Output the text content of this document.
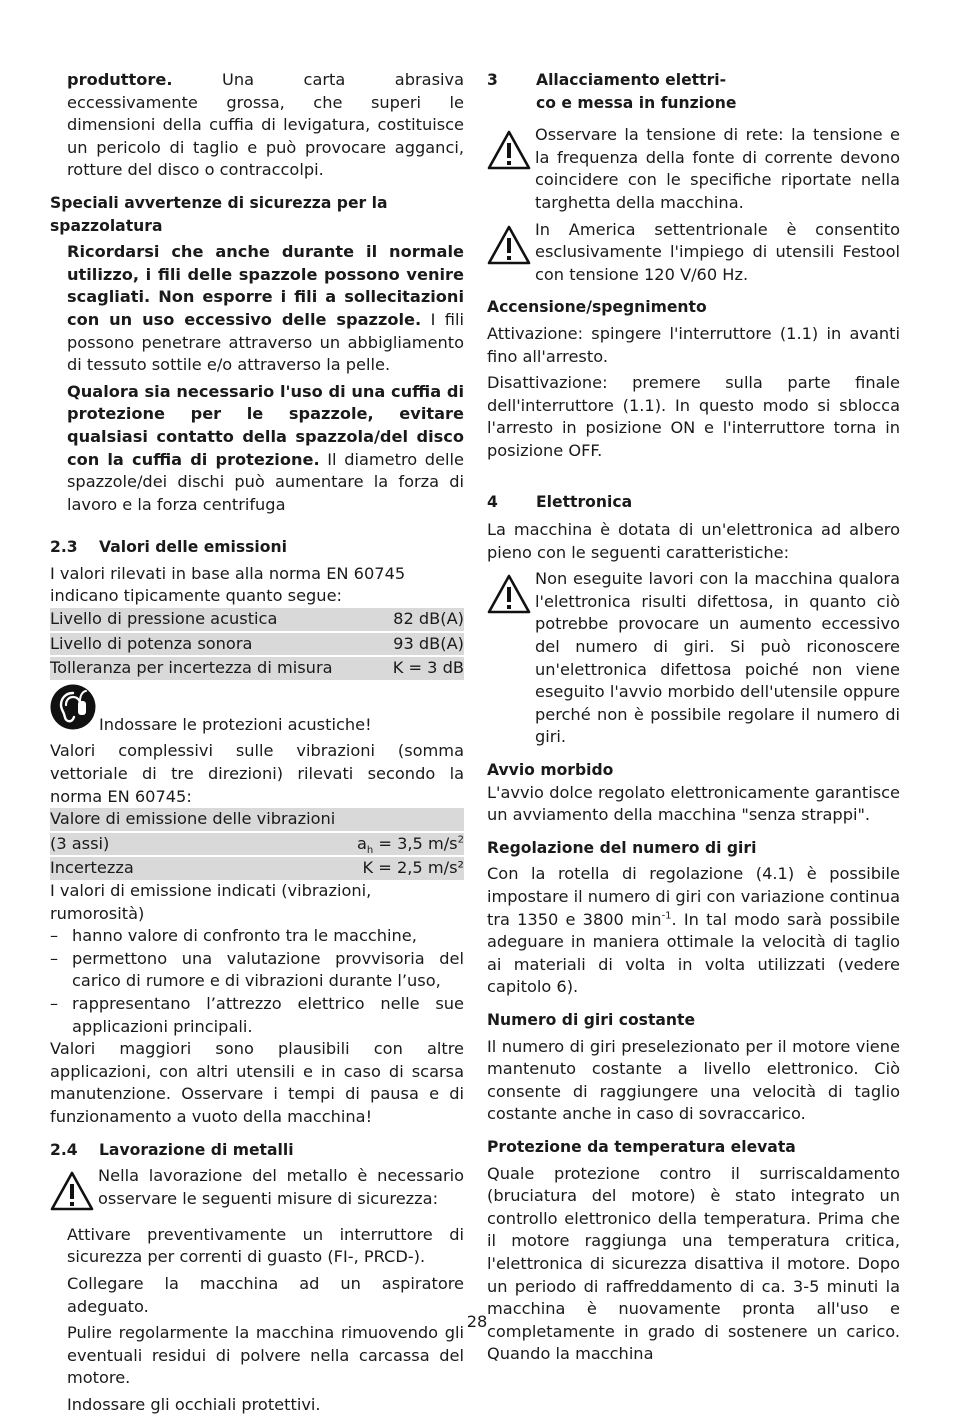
produttore. Una carta abrasiva eccessivamente grossa, che superi le dimensioni della cuffia di levigatura, costituisce un pericolo di taglio e può provocare agganci, rotture del disco o contraccolpi.

Speciali avvertenze di sicurezza per la spazzolatura

Ricordarsi che anche durante il normale utilizzo, i fili delle spazzole possono venire scagliati. Non esporre i fili a sollecitazioni con un uso eccessivo delle spazzole. I fili possono penetrare attraverso un abbigliamento di tessuto sottile e/o attraverso la pelle.

Qualora sia necessario l'uso di una cuffia di protezione per le spazzole, evitare qualsiasi contatto della spazzola/del disco con la cuffia di protezione. Il diametro delle spazzole/dei dischi può aumentare la forza di lavoro e la forza centrifuga

2.3 Valori delle emissioni

I valori rilevati in base alla norma EN 60745 indicano tipicamente quanto segue:

Livello di pressione acustica	82 dB(A)
Livello di potenza sonora	93 dB(A)
Tolleranza per incertezza di misura	K = 3 dB
Indossare le protezioni acustiche!

Valori complessivi sulle vibrazioni (somma vettoriale di tre direzioni) rilevati secondo la norma EN 60745:

Valore di emissione delle vibrazioni	
(3 assi)	$a_h = 3,5$ $m/s^2$
Incertezza	K = 2,5 m/s²

I valori di emissione indicati (vibrazioni, rumorosità)

– hanno valore di confronto tra le macchine,
– permettono una valutazione provvisoria del carico di rumore e di vibrazioni durante l’uso,
– rappresentano l’attrezzo elettrico nelle sue applicazioni principali.

Valori maggiori sono plausibili con altre applicazioni, con altri utensili e in caso di scarsa manutenzione. Osservare i tempi di pausa e di funzionamento a vuoto della macchina!

2.4 Lavorazione di metalli

Nella lavorazione del metallo è necessario osservare le seguenti misure di sicurezza:

Attivare preventivamente un interruttore di sicurezza per correnti di guasto (FI-, PRCD-).

Collegare la macchina ad un aspiratore adeguato.

Pulire regolarmente la macchina rimuovendo gli eventuali residui di polvere nella carcassa del motore.

Indossare gli occhiali protettivi.

3 Allacciamento elettri-
co e messa in funzione

Osservare la tensione di rete: la tensione e la frequenza della fonte di corrente devono coincidere con le specifiche riportate nella targhetta della macchina.
In America settentrionale è consentito esclusivamente l'impiego di utensili Festool con tensione 120 V/60 Hz.

Accensione/spegnimento

Attivazione: spingere l'interruttore (1.1) in avanti fino all'arresto.

Disattivazione: premere sulla parte finale dell'interruttore (1.1). In questo modo si sblocca l'arresto in posizione ON e l'interruttore torna in posizione OFF.

4 Elettronica

La macchina è dotata di un'elettronica ad albero pieno con le seguenti caratteristiche:

Non eseguite lavori con la macchina qualora l'elettronica risulti difettosa, in quanto ciò potrebbe provocare un aumento eccessivo del numero di giri. Si può riconoscere un'elettronica difettosa poiché non viene eseguito l'avvio morbido dell'utensile oppure perché non è possibile regolare il numero di giri.

Avvio morbido

L'avvio dolce regolato elettronicamente garantisce un avviamento della macchina "senza strappi".

Regolazione del numero di giri

Con la rotella di regolazione (4.1) è possibile impostare il numero di giri con variazione continua tra 1350 e 3800 $\min^{-1}$. In tal modo sarà possibile adeguare in maniera ottimale la velocità di taglio ai materiali di volta in volta utilizzati (vedere capitolo 6).

Numero di giri costante

Il numero di giri preselezionato per il motore viene mantenuto costante a livello elettronico. Ciò consente di raggiungere una velocità di taglio costante anche in caso di sovraccarico.

Protezione da temperatura elevata

Quale protezione contro il surriscaldamento (bruciatura del motore) è stato integrato un controllo elettronico della temperatura. Prima che il motore raggiunga una temperatura critica, l'elettronica di sicurezza disattiva il motore. Dopo un periodo di raffreddamento di ca. 3-5 minuti la macchina è nuovamente pronta all'uso e completamente in grado di sostenere un carico. Quando la macchina

28
